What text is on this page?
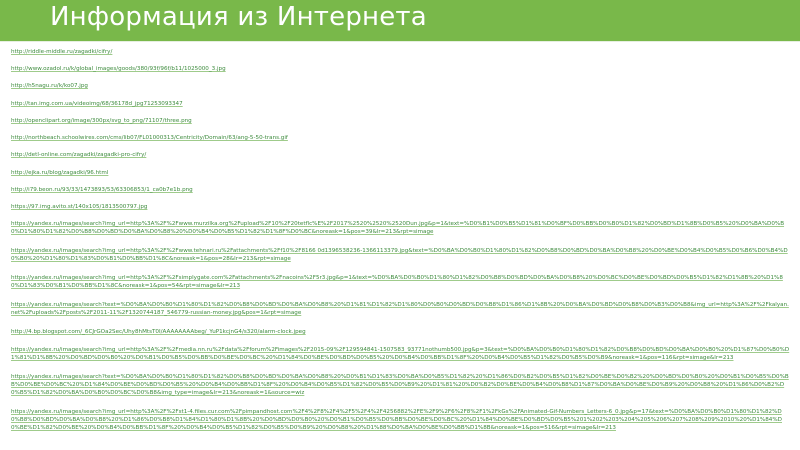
Информация из Интернета
http://riddle-middle.ru/zagadki/cifry/
http://www.ozadol.ru/k/global_images/goods/380/93f/96f/b11/1025000_3.jpg
http://h5nagu.ru/k/ko07.jpg
http://tan.img.com.ua/videoimg/68/36178d_jpg71253093347
http://openclipart.org/image/300px/svg_to_png/71107/three.png
http://northbeach.schoolwires.com/cms/lib07/FL01000313/Centricity/Domain/63/ang-5-50-trans.gif
http://detl-online.com/zagadki/zagadki-pro-cifry/
http://ejka.ru/blog/zagadki/96.html
http://i79.beon.ru/93/33/1473893/53/63306853/1_ca0b7e1b.png
https://97.img.avito.st/140x105/1813500797.jpg
https://yandex.ru/images/search?img_url=http%3A%2F%2Fwww.murzilka.org%2Fupload%2F10%2F20tetflc%E%2F2017%2520%2520%2520Dun.jpg&p=1&text=%D0%B1%D0%B5%D1%81%D0%BF%D0%BB%D0%B0%D1%82%D0%BD%D1%8B%D0%B5%20%D0%BA%D0%B0%D1%80%D1%82%D0%B8%D0%BD%D0%BA%D0%B8%20%D0%B4%D0%B5%D1%82%D1%8F%D0%BC&noreask=1&pos=39&lr=213&rpt=simage
https://yandex.ru/images/search?img_url=http%3A%2F%2Fwww.tehnari.ru%2Fattachments%2Ff10%2F8166 0d1396538236-1366113379.jpg&text=%D0%BA%D0%B0%D1%80%D1%82%D0%B8%D0%BD%D0%BA%D0%B8%20%D0%BE%D0%B4%D0%B5%D0%B6%D0%B4%D0%B0%20%D1%80%D1%83%D0%B1%D0%BB%D1%8C&noreask=1&pos=28&lr=213&rpt=simage
https://yandex.ru/images/search?img_url=http%3A%2F%2Fsimplygate.com%2Fattachments%2Fnacoins%2F5r3.jpg&p=1&text=%D0%BA%D0%B0%D1%80%D1%82%D0%B8%D0%BD%D0%BA%D0%B8%20%D0%BC%D0%BE%D0%BD%D0%B5%D1%82%D1%8B%20%D1%80%D1%83%D0%B1%D0%BB%D1%8C&noreask=1&pos=54&rpt=simage&lr=213
https://yandex.ru/images/search?text=%D0%BA%D0%B0%D1%80%D1%82%D0%B8%D0%BD%D0%BA%D0%B8%20%D1%81%D1%82%D1%80%D0%B0%D0%BD%D0%B8%D1%86%D1%8B%20%D0%BA%D0%BD%D0%B8%D0%B3%D0%B8&img_url=http%3A%2F%2Fkalyan.net%2Fuploads%2Fposts%2F2011-11%2F1320744187_546779-russian-money.jpg&pos=1&rpt=simage
http://4.bp.blogspot.com/_6CJrGOa2Sec/Uhy8hMtsT0I/AAAAAAAAbeg/_YuP1kcjnG4/s320/alarm-clock.jpeg
https://yandex.ru/images/search?img_url=http%3A%2F%2Fmedia.nn.ru%2Fdata%2Fforum%2Fimages%2F2015-09%2F129594841-1507583_93771nothumb500.jpg&p=3&text=%D0%BA%D0%B0%D1%80%D1%82%D0%B8%D0%BD%D0%BA%D0%B0%20%D1%87%D0%B0%D1%81%D1%8B%20%D0%BD%D0%B0%20%D0%B1%D0%B5%D0%BB%D0%BE%D0%BC%20%D1%84%D0%BE%D0%BD%D0%B5%20%D0%B4%D0%BB%D1%8F%20%D0%B4%D0%B5%D1%82%D0%B5%D0%B9&noreask=1&pos=116&rpt=simage&lr=213
https://yandex.ru/images/search?text=%D0%BA%D0%B0%D1%80%D1%82%D0%B8%D0%BD%D0%BA%D0%B8%20%D0%B1%D1%83%D0%BA%D0%B5%D1%82%20%D1%86%D0%B2%D0%B5%D1%82%D0%BE%D0%B2%20%D0%BD%D0%B0%20%D0%B1%D0%B5%D0%BB%D0%BE%D0%BC%20%D1%84%D0%BE%D0%BD%D0%B5%20%D0%B4%D0%BB%D1%8F%20%D0%B4%D0%B5%D1%82%D0%B5%D0%B9%20%D1%81%20%D0%B2%D0%BE%D0%B4%D0%B8%D1%87%D0%BA%D0%BE%D0%B9%20%D0%B8%20%D1%86%D0%B2%D0%B5%D1%82%D0%BA%D0%B0%D0%BC%D0%B8&img_type=image&lr=213&noreask=1&source=wiz
https://yandex.ru/images/search?img_url=http%3A%2F%2Fst1-4.files.cur.com%2Fpimpandhost.com%2F4%2F8%2F4%2F5%2F4%2F4256882%2FE%2F9%2F6%2F8%2F1%2FkGs%2FAnimated-Gif-Numbers_Letters-6_0.jpg&p=17&text=%D0%BA%D0%B0%D1%80%D1%82%D0%B8%D0%BD%D0%BA%D0%B8%20%D1%86%D0%B8%D1%84%D1%80%D1%8B%20%D0%BD%D0%B0%20%D0%B1%D0%B5%D0%BB%D0%BE%D0%BC%20%D1%84%D0%BE%D0%BD%D0%B5%201%202%203%204%205%206%207%208%209%2010%20%D1%84%D0%BE%D1%82%D0%BE%20%D0%B4%D0%BB%D1%8F%20%D0%B4%D0%B5%D1%82%D0%B5%D0%B9%20%D0%B8%20%D1%88%D0%BA%D0%BE%D0%BB%D1%8B&noreask=1&pos=516&rpt=simage&lr=213
